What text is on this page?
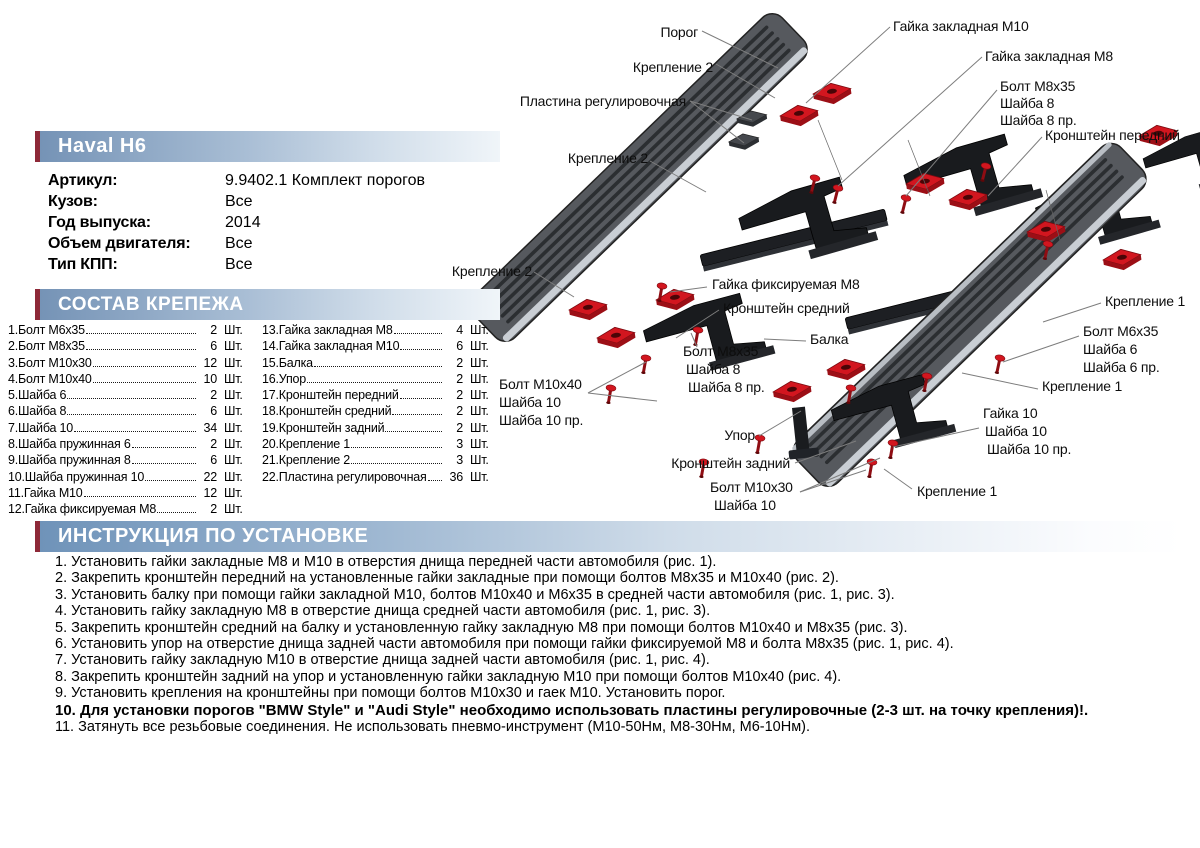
Порог	Гайка закладная М10
Крепление 2
Гайка закладная М8
Болт М8х35
Шайба 8
Шайба 8 пр.
Пластина регулировочная
Кронштейн передний
Крепление 2
Крепление 2
Гайка фиксируемая М8
Кронштейн средний
Балка
Крепление 1
Болт М6х35
Шайба 6
Шайба 6 пр.
Крепление 1
Болт М10х40
Шайба 10
Шайба 10 пр.
Болт М8х35
Шайба 8
Шайба 8 пр.
Гайка 10
Шайба 10
Шайба 10 пр.
Упор
Кронштейн задний
Болт М10х30
Шайба 10
Крепление 1
Haval H6
Артикул:	9.9402.1 Комплект порогов
Кузов:	Все
Год выпуска:	2014
Объем двигателя:	Все
Тип КПП:	Все
СОСТАВ КРЕПЕЖА
1.Болт М6х35	2 Шт.
2.Болт М8х35	6 Шт.
3.Болт М10х30	12 Шт.
4.Болт М10х40	10 Шт.
5.Шайба 6	2 Шт.
6.Шайба 8	6 Шт.
7.Шайба 10	34 Шт.
8.Шайба пружинная 6	2 Шт.
9.Шайба пружинная 8	6 Шт.
10.Шайба пружинная 10	22 Шт.
11.Гайка М10	12 Шт.
12.Гайка фиксируемая М8	2 Шт.
13.Гайка закладная М8	4 Шт.
14.Гайка закладная М10	6 Шт.
15.Балка	2 Шт.
16.Упор	2 Шт.
17.Кронштейн передний	2 Шт.
18.Кронштейн средний	2 Шт.
19.Кронштейн задний	2 Шт.
20.Крепление 1	3 Шт.
21.Крепление 2	3 Шт.
22.Пластина регулировочная	36 Шт.
ИНСТРУКЦИЯ ПО УСТАНОВКЕ
1. Установить гайки закладные М8 и М10 в отверстия днища передней части автомобиля (рис. 1).
2. Закрепить кронштейн передний на установленные гайки закладные при помощи болтов М8х35 и М10х40 (рис. 2).
3. Установить балку при помощи гайки закладной М10, болтов М10х40 и М6х35 в средней части автомобиля (рис. 1, рис. 3).
4. Установить гайку закладную М8 в отверстие днища средней части автомобиля (рис. 1, рис. 3).
5. Закрепить кронштейн средний на балку и установленную гайку закладную М8 при помощи болтов М10х40 и М8х35 (рис. 3).
6. Установить упор на отверстие днища задней части автомобиля при помощи гайки фиксируемой М8 и болта М8х35 (рис. 1, рис. 4).
7. Установить гайку закладную М10 в отверстие днища задней части автомобиля (рис. 1, рис. 4).
8. Закрепить кронштейн задний на упор и установленную гайки закладную М10 при помощи болтов М10х40 (рис. 4).
9. Установить крепления на кронштейны при помощи болтов М10х30 и гаек М10. Установить порог.
10. Для установки порогов "BMW Style" и "Audi Style" необходимо использовать пластины регулировочные (2-3 шт. на точку крепления)!.
11. Затянуть все резьбовые соединения. Не использовать пневмо-инструмент (М10-50Нм, М8-30Нм, М6-10Нм).
